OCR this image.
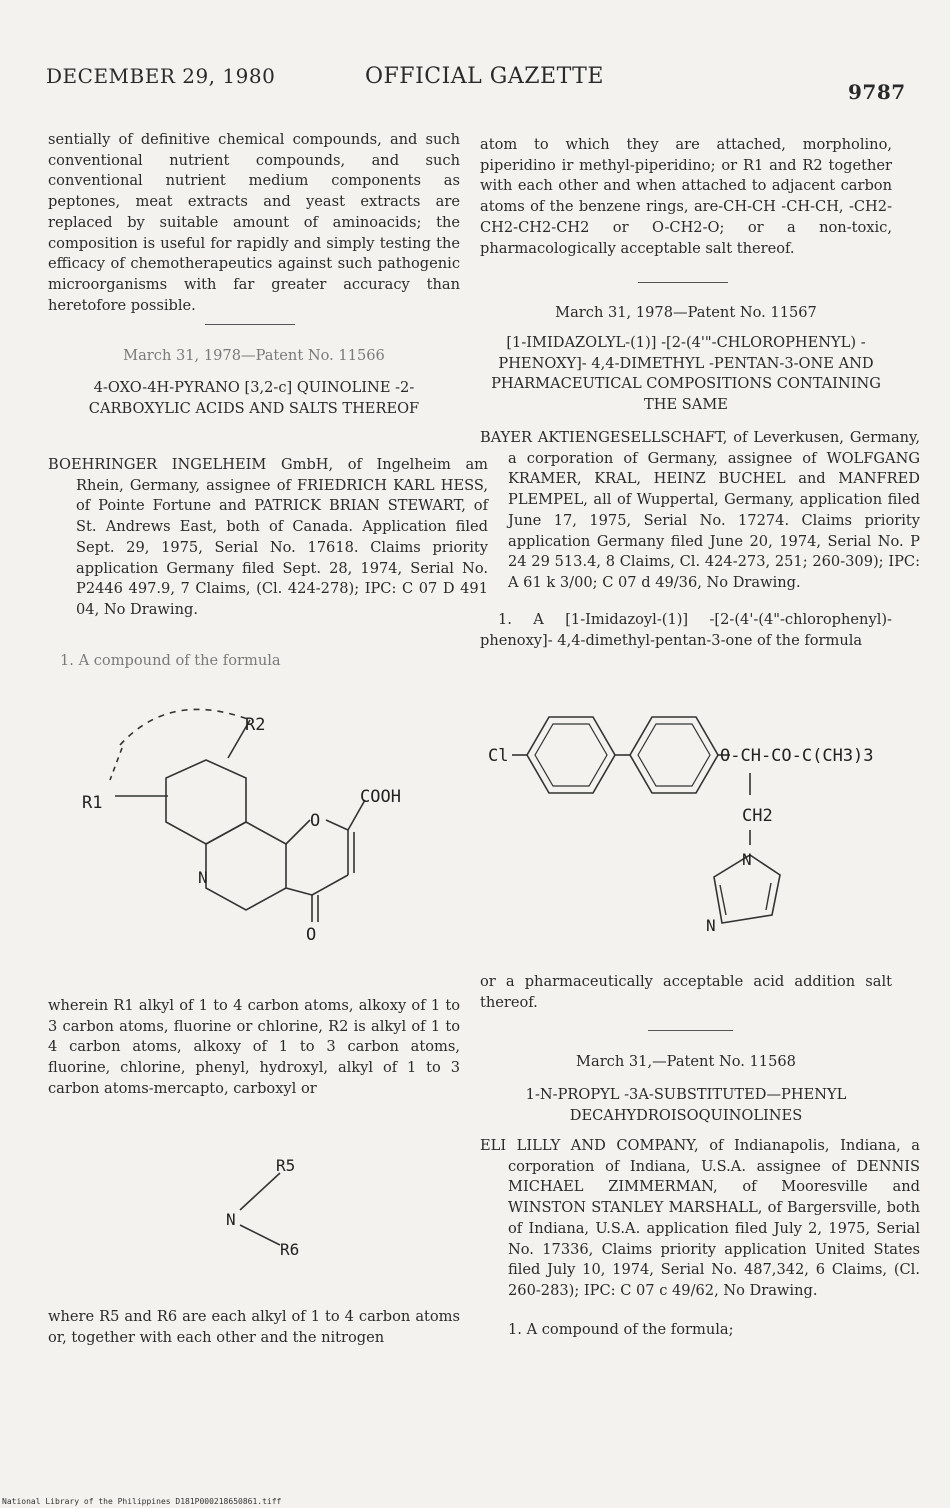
DECEMBER 29, 1980	OFFICIAL GAZETTE
9787

sentially of definitive chemical compounds, and such conventional nutrient compounds, and such conventional nutrient medium components as peptones, meat extracts and yeast extracts are replaced by suitable amount of aminoacids; the composition is useful for rapidly and simply testing the efficacy of chemotherapeutics against such pathogenic microorganisms with far greater accuracy than heretofore possible.

March 31, 1978—Patent No. 11566
4-OXO-4H-PYRANO [3,2-c] QUINOLINE -2-CARBOXYLIC ACIDS AND SALTS THEREOF
BOEHRINGER INGELHEIM GmbH, of Ingelheim am Rhein, Germany, assignee of FRIEDRICH KARL HESS, of Pointe Fortune and PATRICK BRIAN STEWART, of St. Andrews East, both of Canada. Application filed Sept. 29, 1975, Serial No. 17618. Claims priority application Germany filed Sept. 28, 1974, Serial No. P2446 497.9, 7 Claims, (Cl. 424-278); IPC: C 07 D 491 04, No Drawing.
1. A compound of the formula
R1
R2
COOH
O
O
N
wherein R1 alkyl of 1 to 4 carbon atoms, alkoxy of 1 to 3 carbon atoms, fluorine or chlorine, R2 is alkyl of 1 to 4 carbon atoms, alkoxy of 1 to 3 carbon atoms, fluorine, chlorine, phenyl, hydroxyl, alkyl of 1 to 3 carbon atoms-mercapto, carboxyl or
N
R5
R6
where R5 and R6 are each alkyl of 1 to 4 carbon atoms or, together with each other and the nitrogen
atom to which they are attached, morpholino, piperidino ir methyl-piperidino; or R1 and R2 together with each other and when attached to adjacent carbon atoms of the benzene rings, are-CH-CH -CH-CH, -CH2-CH2-CH2-CH2 or O-CH2-O; or a non-toxic, pharmacologically acceptable salt thereof.
March 31, 1978—Patent No. 11567
[1-IMIDAZOLYL-(1)] -[2-(4'"-CHLOROPHENYL) -PHENOXY]- 4,4-DIMETHYL -PENTAN-3-ONE AND PHARMACEUTICAL COMPOSITIONS CONTAINING THE SAME
BAYER AKTIENGESELLSCHAFT, of Leverkusen, Germany, a corporation of Germany, assignee of WOLFGANG KRAMER, KRAL, HEINZ BUCHEL and MANFRED PLEMPEL, all of Wuppertal, Germany, application filed June 17, 1975, Serial No. 17274. Claims priority application Germany filed June 20, 1974, Serial No. P 24 29 513.4, 8 Claims, Cl. 424-273, 251; 260-309); IPC: A 61 k 3/00; C 07 d 49/36, No Drawing.
1. A [1-Imidazoyl-(1)] -[2-(4'-(4"-chlorophenyl)-phenoxy]- 4,4-dimethyl-pentan-3-one of the formula
Cl	O-CH-CO-C(CH3)3
CH2
N
N
or a pharmaceutically acceptable acid addition salt thereof.
March 31,—Patent No. 11568
1-N-PROPYL -3A-SUBSTITUTED—PHENYL DECAHYDROISOQUINOLINES
ELI LILLY AND COMPANY, of Indianapolis, Indiana, a corporation of Indiana, U.S.A. assignee of DENNIS MICHAEL ZIMMERMAN, of Mooresville and WINSTON STANLEY MARSHALL, of Bargersville, both of Indiana, U.S.A. application filed July 2, 1975, Serial No. 17336, Claims priority application United States filed July 10, 1974, Serial No. 487,342, 6 Claims, (Cl. 260-283); IPC: C 07 c 49/62, No Drawing.
1. A compound of the formula;
National Library of the Philippines D181P000218650861.tiff
